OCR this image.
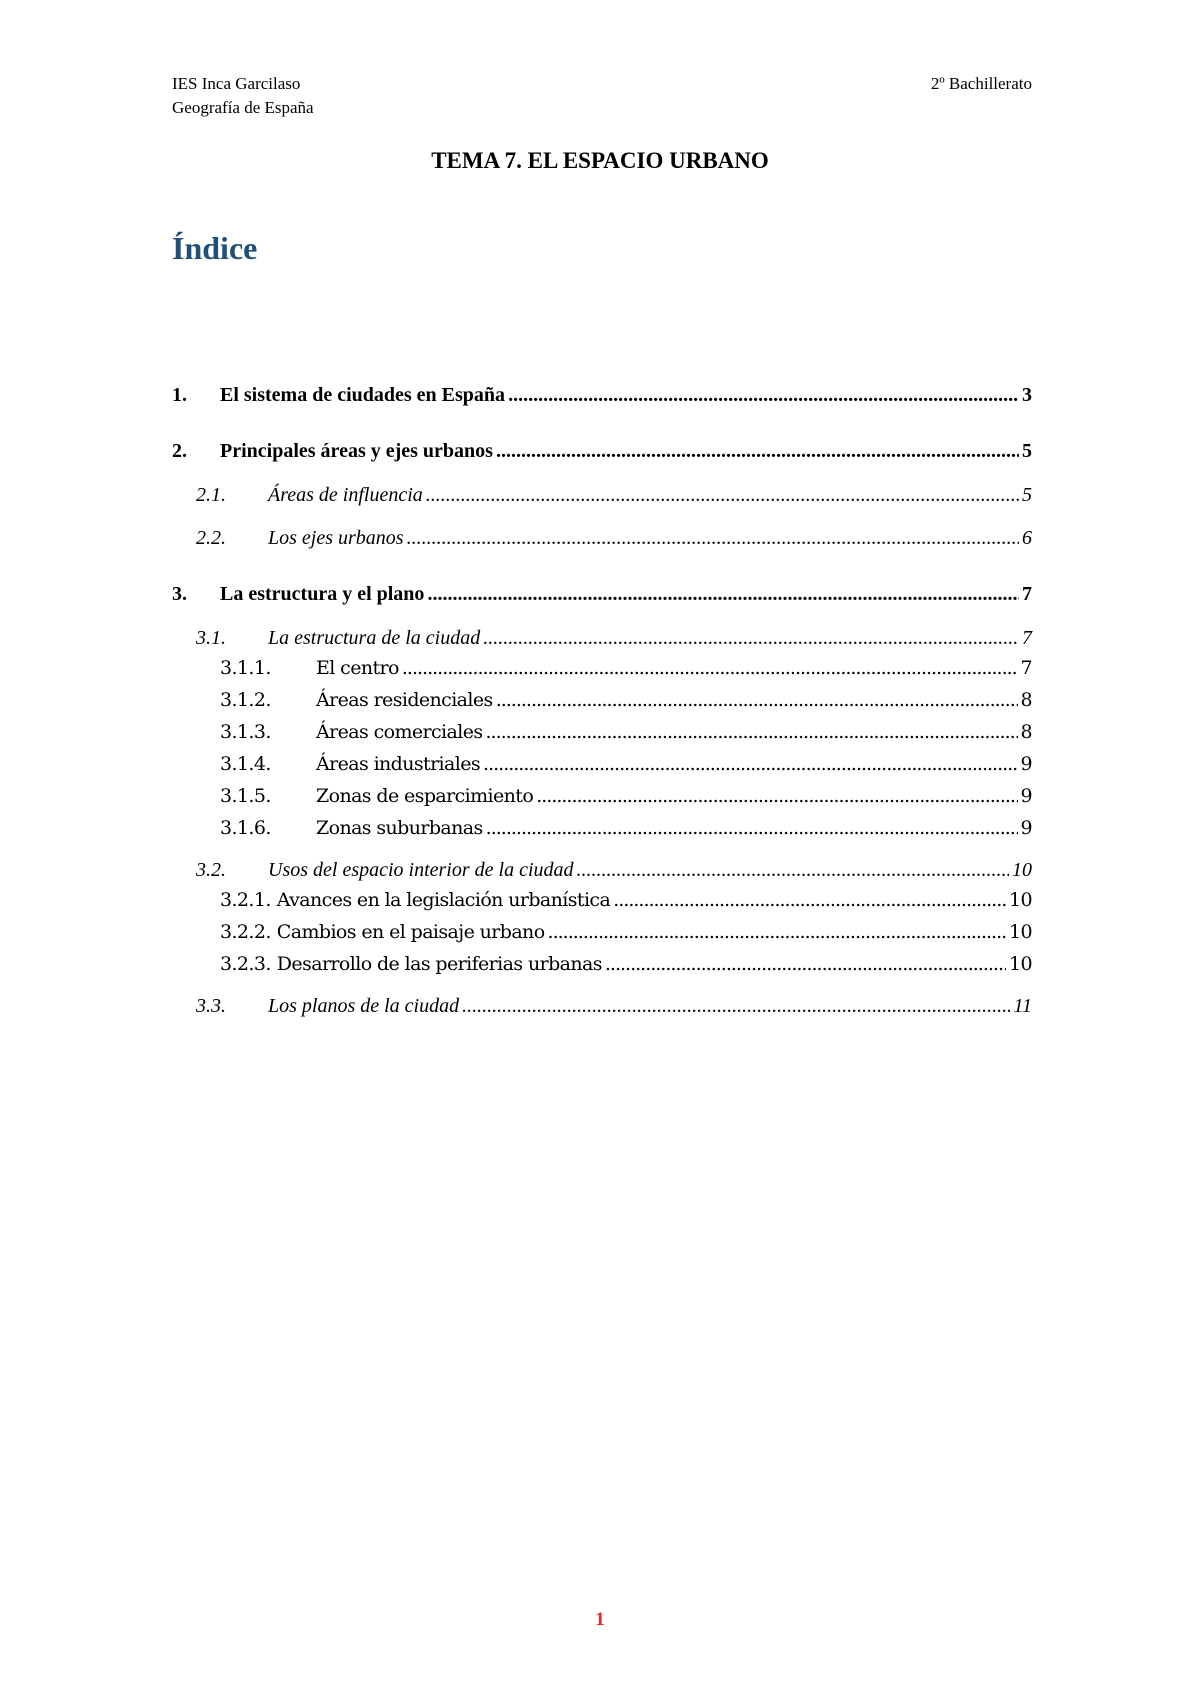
IES Inca Garcilaso
Geografía de España
2º Bachillerato
TEMA 7. EL ESPACIO URBANO
Índice
1.	El sistema de ciudades en España .....	3
2.	Principales áreas y ejes urbanos .....	5
2.1.	Áreas de influencia .....	5
2.2.	Los ejes urbanos .....	6
3.	La estructura y el plano .....	7
3.1.	La estructura de la ciudad .....	7
3.1.1.	El centro .....	7
3.1.2.	Áreas residenciales .....	8
3.1.3.	Áreas comerciales .....	8
3.1.4.	Áreas industriales .....	9
3.1.5.	Zonas de esparcimiento .....	9
3.1.6.	Zonas suburbanas .....	9
3.2.	Usos del espacio interior de la ciudad .....	10
3.2.1. Avances en la legislación urbanística .....	10
3.2.2. Cambios en el paisaje urbano .....	10
3.2.3. Desarrollo de las periferias urbanas .....	10
3.3.	Los planos de la ciudad .....	11
1
